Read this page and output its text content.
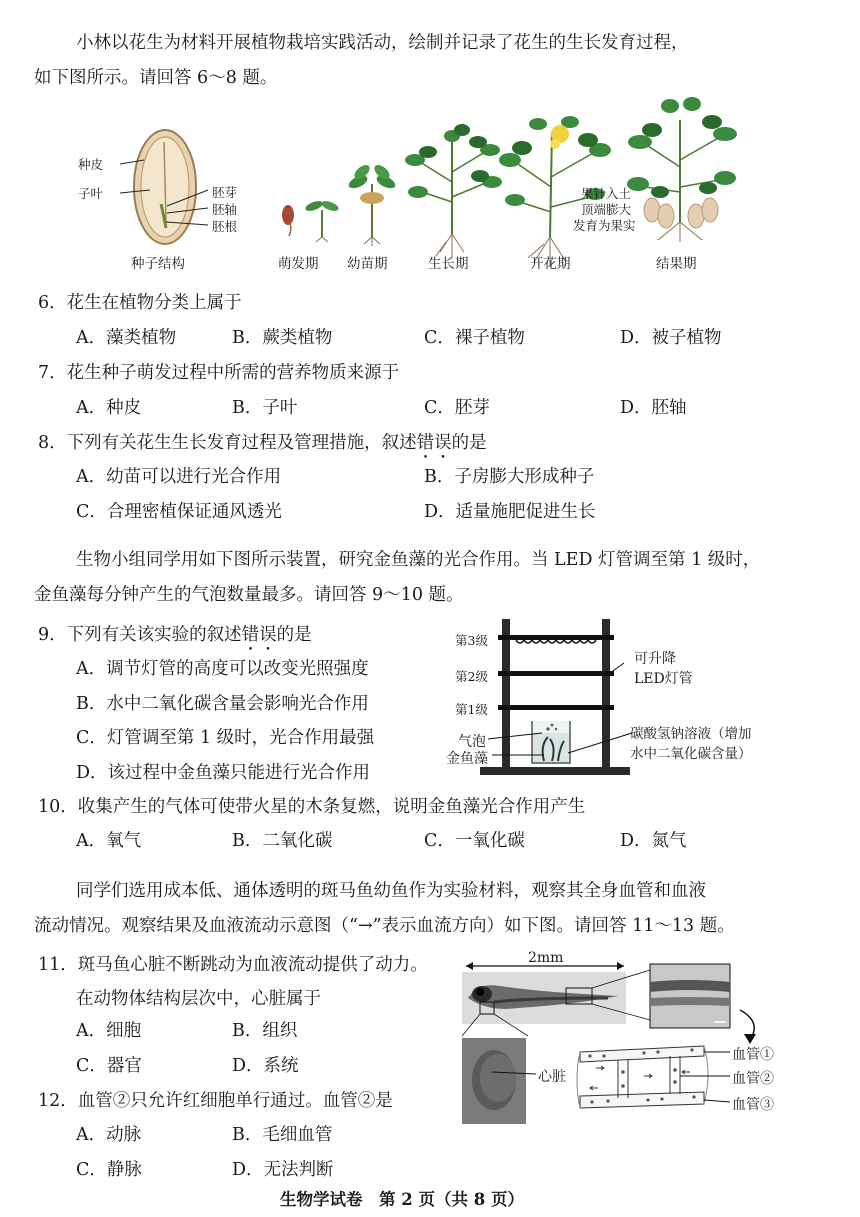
小林以花生为材料开展植物栽培实践活动，绘制并记录了花生的生长发育过程，
如下图所示。请回答 6～8 题。
种皮
子叶	胚芽
胚轴
胚根
果针入土
顶端膨大
发育为果实
种子结构	萌发期 幼苗期	生长期	开花期	结果期
6．花生在植物分类上属于
A．藻类植物	B．蕨类植物	C．裸子植物	D．被子植物
7．花生种子萌发过程中所需的营养物质来源于
A．种皮	B．子叶	C．胚芽	D．胚轴
8．下列有关花生生长发育过程及管理措施，叙述错误的是
A．幼苗可以进行光合作用	B．子房膨大形成种子
C．合理密植保证通风透光	D．适量施肥促进生长
生物小组同学用如下图所示装置，研究金鱼藻的光合作用。当 LED 灯管调至第 1 级时，
金鱼藻每分钟产生的气泡数量最多。请回答 9～10 题。
9．下列有关该实验的叙述错误的是
A．调节灯管的高度可以改变光照强度
B．水中二氧化碳含量会影响光合作用
C．灯管调至第 1 级时，光合作用最强
D．该过程中金鱼藻只能进行光合作用
第3级
第2级
第1级
可升降
LED灯管
碳酸氢钠溶液（增加
水中二氧化碳含量）
气泡
金鱼藻
10．收集产生的气体可使带火星的木条复燃，说明金鱼藻光合作用产生
A．氧气	B．二氧化碳	C．一氧化碳	D．氮气
同学们选用成本低、通体透明的斑马鱼幼鱼作为实验材料，观察其全身血管和血液
流动情况。观察结果及血液流动示意图（“→”表示血流方向）如下图。请回答 11～13 题。
11．斑马鱼心脏不断跳动为血液流动提供了动力。
在动物体结构层次中，心脏属于
A．细胞	B．组织
C．器官	D．系统
12．血管②只允许红细胞单行通过。血管②是
A．动脉	B．毛细血管
C．静脉	D．无法判断
2mm
心脏
血管①
血管②
血管③
生物学试卷　第 2 页（共 8 页）
